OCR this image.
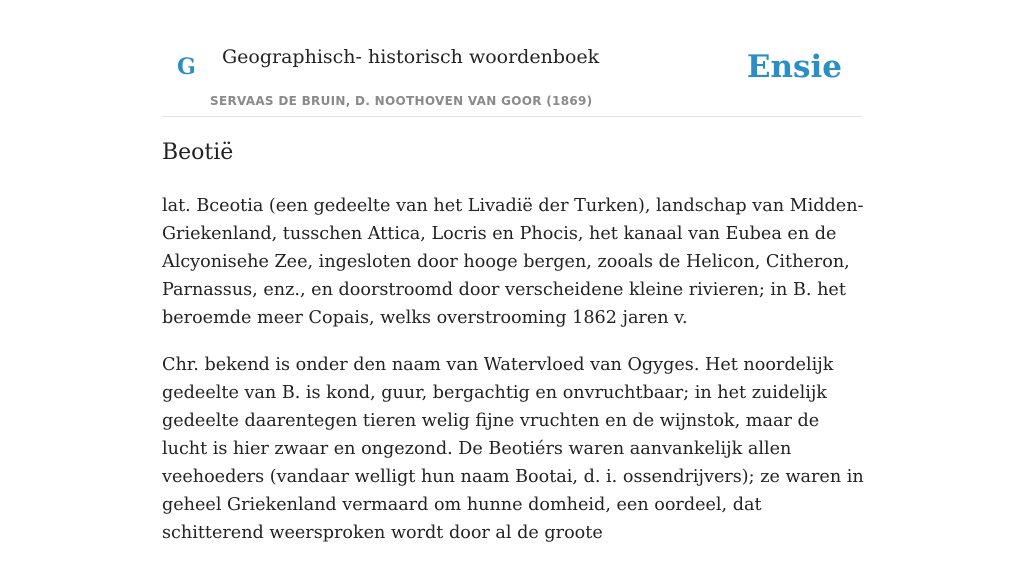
G Geographisch- historisch woordenboek
SERVAAS DE BRUIN, D. NOOTHOVEN VAN GOOR (1869)
Ensie
Beotië

lat. Bceotia (een gedeelte van het Livadië der Turken), landschap van Midden-Griekenland, tusschen Attica, Locris en Phocis, het kanaal van Eubea en de Alcyonisehe Zee, ingesloten door hooge bergen, zooals de Helicon, Citheron, Parnassus, enz., en doorstroomd door verscheidene kleine rivieren; in B. het beroemde meer Copais, welks overstrooming 1862 jaren v.

Chr. bekend is onder den naam van Watervloed van Ogyges. Het noordelijk gedeelte van B. is kond, guur, bergachtig en onvruchtbaar; in het zuidelijk gedeelte daarentegen tieren welig fijne vruchten en de wijnstok, maar de lucht is hier zwaar en ongezond. De Beotiérs waren aanvankelijk allen veehoeders (vandaar welligt hun naam Bootai, d. i. ossendrijvers); ze waren in geheel Griekenland vermaard om hunne domheid, een oordeel, dat schitterend weersproken wordt door al de groote
